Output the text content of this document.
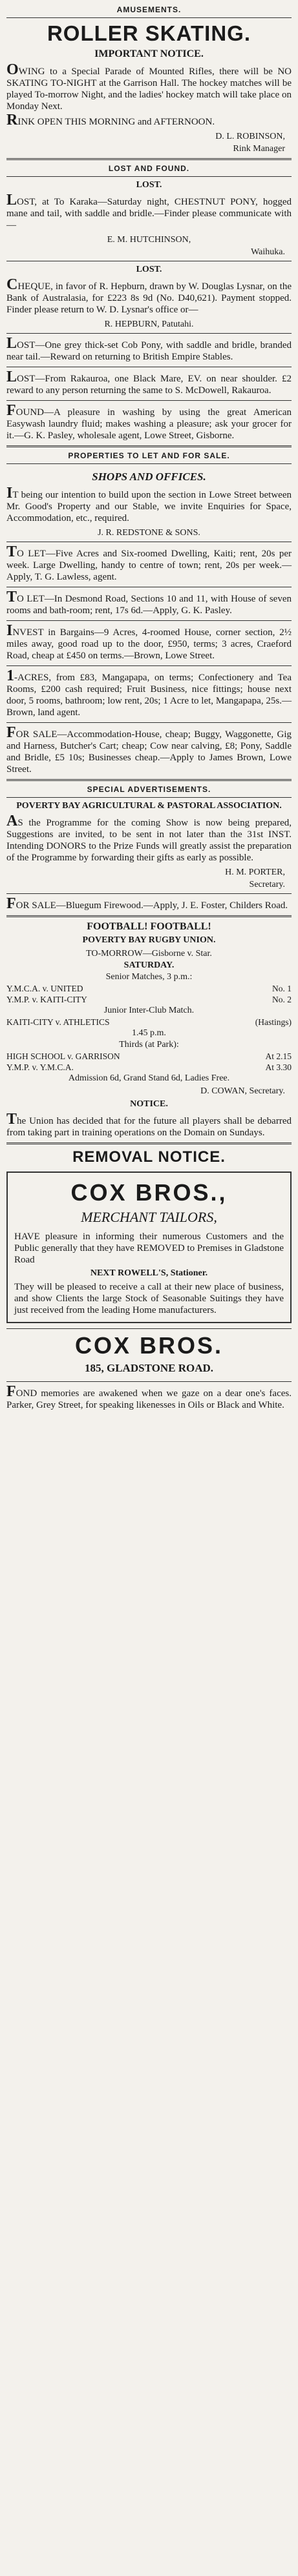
AMUSEMENTS.
ROLLER SKATING.
IMPORTANT NOTICE.

OWING to a Special Parade of Mounted Rifles, there will be NO SKATING TO-NIGHT at the Garrison Hall. The hockey matches will be played To-morrow Night, and the ladies' hockey match will take place on Monday Next.

RINK OPEN THIS MORNING and AFTERNOON.

D. L. ROBINSON,
Rink Manager
LOST AND FOUND.
LOST.

LOST, at To Karaka—Saturday night, CHESTNUT PONY, hogged mane and tail, with saddle and bridle.—Finder please communicate with—

E. M. HUTCHINSON,
Waihuka.
LOST.

CHEQUE, in favor of R. Hepburn, drawn by W. Douglas Lysnar, on the Bank of Australasia, for £223 8s 9d (No. D40,621). Payment stopped. Finder please return to W. D. Lysnar's office or—

R. HEPBURN, Patutahi.

LOST—One grey thick-set Cob Pony, with saddle and bridle, branded near tail.—Reward on returning to British Empire Stables.

LOST—From Rakauroa, one Black Mare, EV. on near shoulder. £2 reward to any person returning the same to S. McDowell, Rakauroa.

FOUND—A pleasure in washing by using the great American Easywash laundry fluid; makes washing a pleasure; ask your grocer for it.—G. K. Pasley, wholesale agent, Lowe Street, Gisborne.

PROPERTIES TO LET AND FOR SALE.
SHOPS AND OFFICES.

IT being our intention to build upon the section in Lowe Street between Mr. Good's Property and our Stable, we invite Enquiries for Space, Accommodation, etc., required.

J. R. REDSTONE & SONS.

TO LET—Five Acres and Six-roomed Dwelling, Kaiti; rent, 20s per week. Large Dwelling, handy to centre of town; rent, 20s per week.—Apply, T. G. Lawless, agent.

TO LET—In Desmond Road, Sections 10 and 11, with House of seven rooms and bath-room; rent, 17s 6d.—Apply, G. K. Pasley.

INVEST in Bargains—9 Acres, 4-roomed House, corner section, 2½ miles away, good road up to the door, £950, terms; 3 acres, Craeford Road, cheap at £450 on terms.—Brown, Lowe Street.

1-ACRES, from £83, Mangapapa, on terms; Confectionery and Tea Rooms, £200 cash required; Fruit Business, nice fittings; house next door, 5 rooms, bathroom; low rent, 20s; 1 Acre to let, Mangapapa, 25s.—Brown, land agent.

FOR SALE—Accommodation-House, cheap; Buggy, Waggonette, Gig and Harness, Butcher's Cart; cheap; Cow near calving, £8; Pony, Saddle and Bridle, £5 10s; Businesses cheap.—Apply to James Brown, Lowe Street.

SPECIAL ADVERTISEMENTS.
POVERTY BAY AGRICULTURAL & PASTORAL ASSOCIATION.

AS the Programme for the coming Show is now being prepared, Suggestions are invited, to be sent in not later than the 31st INST. Intending DONORS to the Prize Funds will greatly assist the preparation of the Programme by forwarding their gifts as early as possible.

H. M. PORTER,
Secretary.

FOR SALE—Bluegum Firewood.—Apply, J. E. Foster, Childers Road.

FOOTBALL! FOOTBALL!
POVERTY BAY RUGBY UNION.
TO-MORROW—Gisborne v. Star.
SATURDAY.
Senior Matches, 3 p.m.:
Y.M.C.A. v. UNITED	No. 1
Y.M.P. v. KAITI-CITY	No. 2
Junior Inter-Club Match.
KAITI-CITY v. ATHLETICS	(Hastings)
1.45 p.m.
Thirds (at Park):
HIGH SCHOOL v. GARRISON	At 2.15
Y.M.P. v. Y.M.C.A.	At 3.30
Admission 6d, Grand Stand 6d, Ladies Free.
D. COWAN, Secretary.
NOTICE.

The Union has decided that for the future all players shall be debarred from taking part in training operations on the Domain on Sundays.

REMOVAL NOTICE.
COX BROS.,
MERCHANT TAILORS,

HAVE pleasure in informing their numerous Customers and the Public generally that they have REMOVED to Premises in Gladstone Road

NEXT ROWELL'S, Stationer.

They will be pleased to receive a call at their new place of business, and show Clients the large Stock of Seasonable Suitings they have just received from the leading Home manufacturers.

COX BROS.
185, GLADSTONE ROAD.

FOND memories are awakened when we gaze on a dear one's faces. Parker, Grey Street, for speaking likenesses in Oils or Black and White.
